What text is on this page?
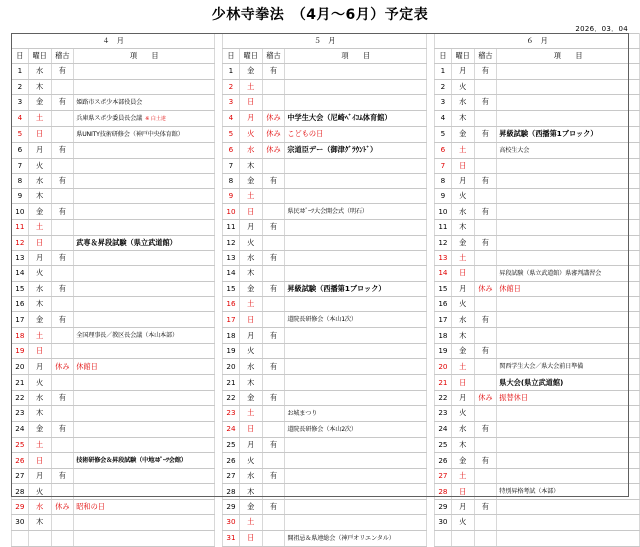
少林寺拳法　（4月～6月）予定表
2026．03．04
４　月					５　月					６　月			
日	曜日	稽古	項　　目		日	曜日	稽古	項　　目		日	曜日	稽古	項　　目
1	水	有			1	金	有			1	月	有	
2	木				2	土				2	火		
3	金	有	姫路市スポ少本部役員会		3	日				3	水	有	
4	土		兵庫県スポ少委員長会議 ※ 白土達		4	月	休み	中学生大会（尼崎ﾍﾞｲｺﾑ体育館）		4	木		
5	日		県UNITY技術研修会（神戸中央体育館）		5	火	休み	こどもの日		5	金	有	昇級試験（西播第1ブロック）
6	月	有			6	水	休み	宗道臣デー（御津ｸﾞﾗｳﾝﾄﾞ）		6	土		高校生大会
7	火				7	木				7	日		
8	水	有			8	金	有			8	月	有	
9	木				9	土				9	火		
10	金	有			10	日		県民ｽﾎﾟｰﾂ大会開会式（明石）		10	水	有	
11	土				11	月	有			11	木		
12	日		武専＆昇段試験（県立武道館）		12	火				12	金	有	
13	月	有			13	水	有			13	土		
14	火				14	木				14	日		昇段試験（県立武道館）県審判講習会
15	水	有			15	金	有	昇級試験（西播第1ブロック）		15	月	休み	休館日
16	木				16	土				16	火		
17	金	有			17	日		道院長研修会（本山1次）		17	水	有	
18	土		全国理事長／教区長会議（本山本部）		18	月	有			18	木		
19	日				19	火				19	金	有	
20	月	休み	休館日		20	水	有			20	土		関西学生大会／県大会前日準備
21	火				21	木				21	日		県大会(県立武道館)
22	水	有			22	金	有			22	月	休み	振替休日
23	木				23	土		お城まつり		23	火		
24	金	有			24	日		道院長研修会（本山2次）		24	水	有	
25	土				25	月	有			25	木		
26	日		技術研修会＆昇段試験（中地ｽﾎﾟｰﾂ会館）		26	火				26	金	有	
27	月	有			27	水	有			27	土		
28	火				28	木				28	日		特別昇格考試（本部）
29	水	休み	昭和の日		29	金	有			29	月	有	
30	木				30	土				30	火		
					31	日		開祖忌＆県連総会（神戸オリエンタル）					
